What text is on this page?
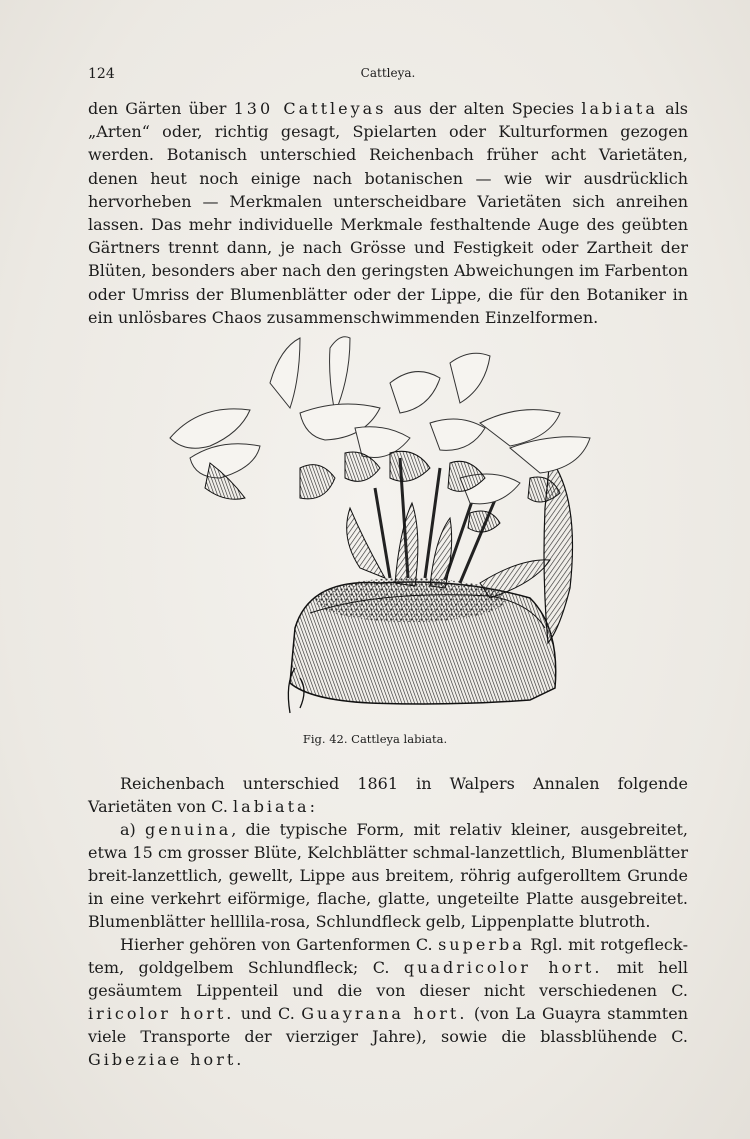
124	Cattleya.

den Gärten über 130 Cattleyas aus der alten Species labiata als „Arten“ oder, richtig gesagt, Spielarten oder Kulturformen gezogen werden. Botanisch unterschied Reichenbach früher acht Varietäten, denen heut noch einige nach botanischen — wie wir ausdrücklich hervorheben — Merkmalen unterscheidbare Varietäten sich anreihen lassen. Das mehr individuelle Merkmale festhaltende Auge des geübten Gärtners trennt dann, je nach Grösse und Festigkeit oder Zartheit der Blüten, besonders aber nach den geringsten Abweichungen im Farbenton oder Umriss der Blumenblätter oder der Lippe, die für den Botaniker in ein unlösbares Chaos zusammenschwimmenden Einzelformen.

Fig. 42. Cattleya labiata.

Reichenbach unterschied 1861 in Walpers Annalen folgende Varietäten von C. labiata:

a) genuina, die typische Form, mit relativ kleiner, ausgebreitet, etwa 15 cm grosser Blüte, Kelchblätter schmal-lanzettlich, Blumenblätter breit-lanzettlich, gewellt, Lippe aus breitem, röhrig aufgerolltem Grunde in eine verkehrt eiförmige, flache, glatte, ungeteilte Platte ausgebreitet. Blumenblätter helllila-rosa, Schlundfleck gelb, Lippenplatte blutroth.

Hierher gehören von Gartenformen C. superba Rgl. mit rotgeflecktem, goldgelbem Schlundfleck; C. quadricolor hort. mit hell gesäumtem Lippenteil und die von dieser nicht verschiedenen C. iricolor hort. und C. Guayrana hort. (von La Guayra stammten viele Transporte der vierziger Jahre), sowie die blassblühende C. Gibeziae hort.
